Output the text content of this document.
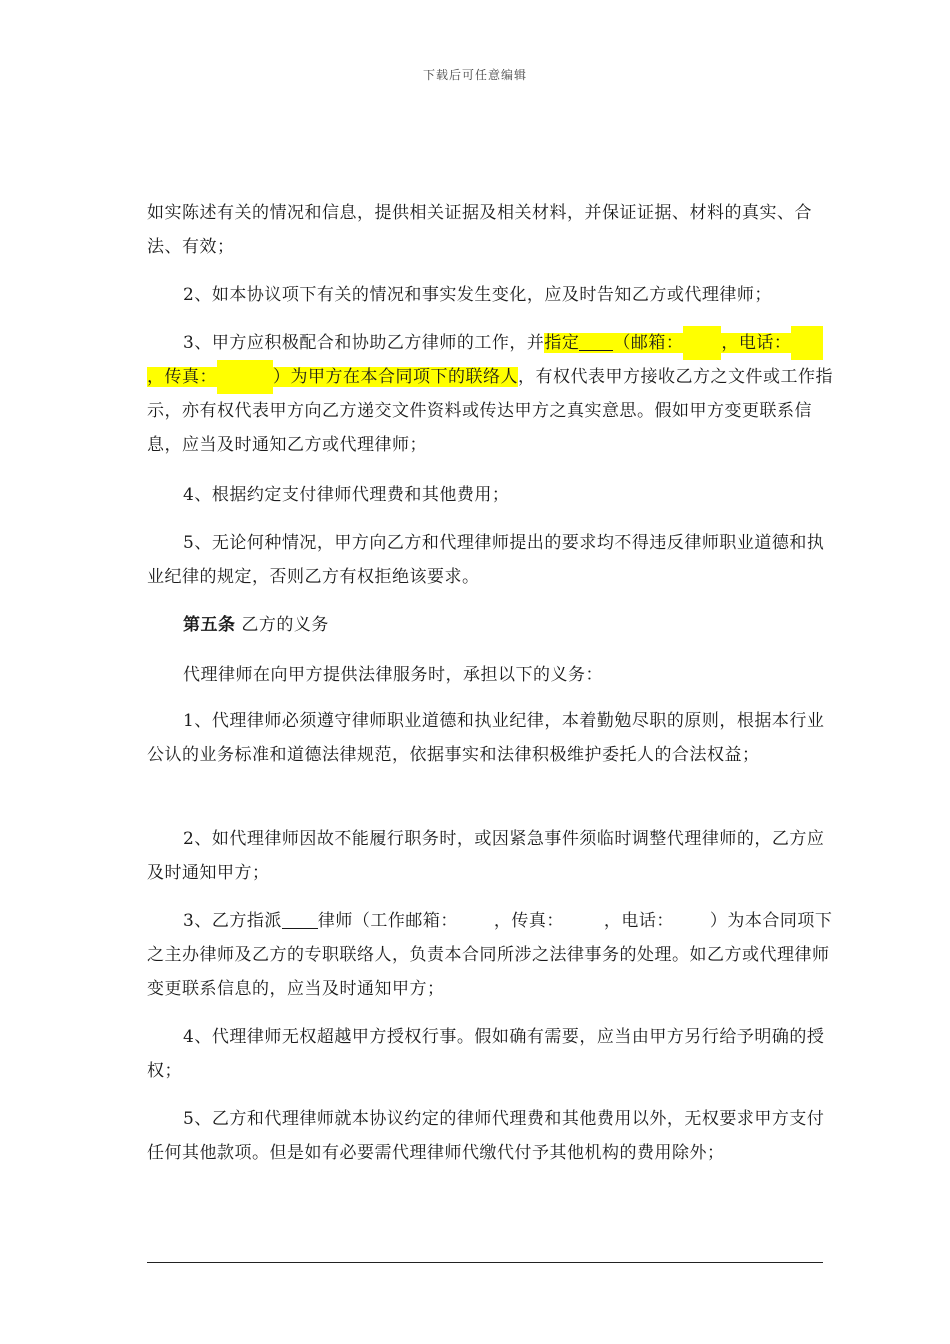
下载后可任意编辑

如实陈述有关的情况和信息，提供相关证据及相关材料，并保证证据、材料的真实、合法、有效；

2、如本协议项下有关的情况和事实发生变化，应及时告知乙方或代理律师；

3、甲方应积极配合和协助乙方律师的工作，并指定 （邮箱： ，电话： ，传真：	）为甲方在本合同项下的联络人，有权代表甲方接收乙方之文件或工作指示，亦有权代表甲方向乙方递交文件资料或传达甲方之真实意思。假如甲方变更联系信息，应当及时通知乙方或代理律师；

4、根据约定支付律师代理费和其他费用；

5、无论何种情况，甲方向乙方和代理律师提出的要求均不得违反律师职业道德和执业纪律的规定，否则乙方有权拒绝该要求。

第五条 乙方的义务

代理律师在向甲方提供法律服务时，承担以下的义务：

1、代理律师必须遵守律师职业道德和执业纪律，本着勤勉尽职的原则，根据本行业公认的业务标准和道德法律规范，依据事实和法律积极维护委托人的合法权益；

2、如代理律师因故不能履行职务时，或因紧急事件须临时调整代理律师的，乙方应及时通知甲方；

3、乙方指派 律师（工作邮箱： ，传真： ，电话： ）为本合同项下之主办律师及乙方的专职联络人，负责本合同所涉之法律事务的处理。如乙方或代理律师变更联系信息的，应当及时通知甲方；

4、代理律师无权超越甲方授权行事。假如确有需要，应当由甲方另行给予明确的授权；

5、乙方和代理律师就本协议约定的律师代理费和其他费用以外，无权要求甲方支付任何其他款项。但是如有必要需代理律师代缴代付予其他机构的费用除外；
